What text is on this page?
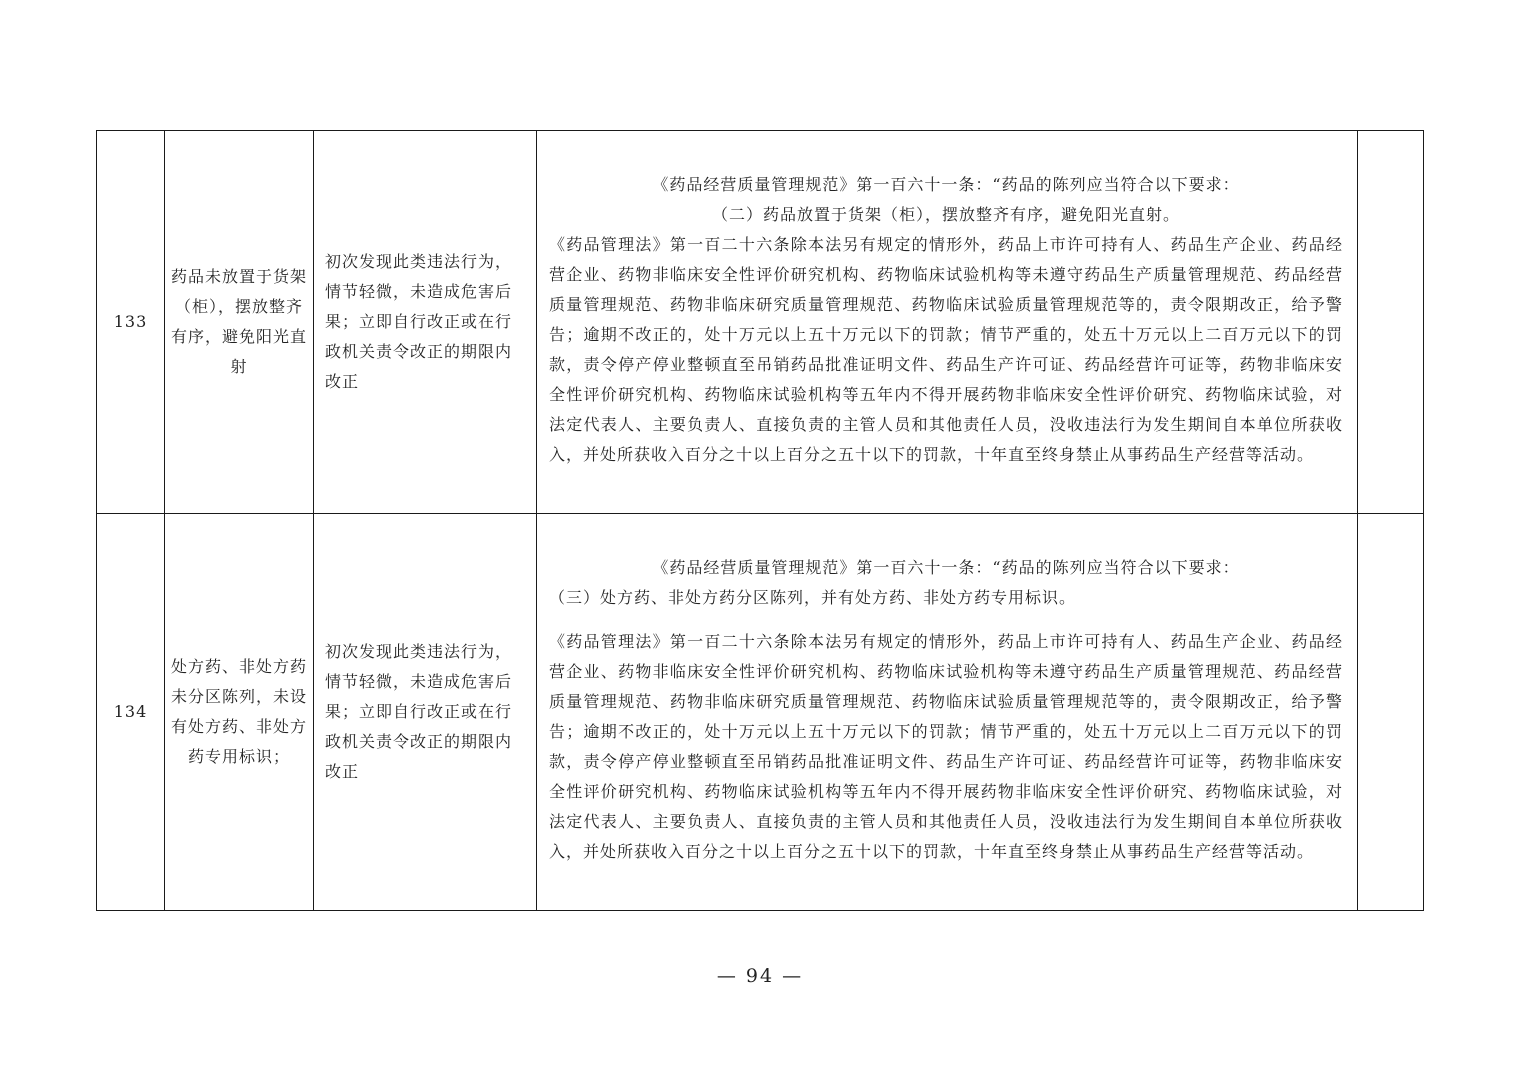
133	药品未放置于货架（柜），摆放整齐有序，避免阳光直射	初次发现此类违法行为，情节轻微，未造成危害后果；立即自行改正或在行政机关责令改正的期限内改正	《药品经营质量管理规范》第一百六十一条：“药品的陈列应当符合以下要求：

（二）药品放置于货架（柜），摆放整齐有序，避免阳光直射。

《药品管理法》第一百二十六条除本法另有规定的情形外，药品上市许可持有人、药品生产企业、药品经营企业、药物非临床安全性评价研究机构、药物临床试验机构等未遵守药品生产质量管理规范、药品经营质量管理规范、药物非临床研究质量管理规范、药物临床试验质量管理规范等的，责令限期改正，给予警告；逾期不改正的，处十万元以上五十万元以下的罚款；情节严重的，处五十万元以上二百万元以下的罚款，责令停产停业整顿直至吊销药品批准证明文件、药品生产许可证、药品经营许可证等，药物非临床安全性评价研究机构、药物临床试验机构等五年内不得开展药物非临床安全性评价研究、药物临床试验，对法定代表人、主要负责人、直接负责的主管人员和其他责任人员，没收违法行为发生期间自本单位所获收入，并处所获收入百分之十以上百分之五十以下的罚款，十年直至终身禁止从事药品生产经营等活动。	

134	处方药、非处方药未分区陈列，未设有处方药、非处方药专用标识；	初次发现此类违法行为，情节轻微，未造成危害后果；立即自行改正或在行政机关责令改正的期限内改正	《药品经营质量管理规范》第一百六十一条：“药品的陈列应当符合以下要求：

（三）处方药、非处方药分区陈列，并有处方药、非处方药专用标识。

《药品管理法》第一百二十六条除本法另有规定的情形外，药品上市许可持有人、药品生产企业、药品经营企业、药物非临床安全性评价研究机构、药物临床试验机构等未遵守药品生产质量管理规范、药品经营质量管理规范、药物非临床研究质量管理规范、药物临床试验质量管理规范等的，责令限期改正，给予警告；逾期不改正的，处十万元以上五十万元以下的罚款；情节严重的，处五十万元以上二百万元以下的罚款，责令停产停业整顿直至吊销药品批准证明文件、药品生产许可证、药品经营许可证等，药物非临床安全性评价研究机构、药物临床试验机构等五年内不得开展药物非临床安全性评价研究、药物临床试验，对法定代表人、主要负责人、直接负责的主管人员和其他责任人员，没收违法行为发生期间自本单位所获收入，并处所获收入百分之十以上百分之五十以下的罚款，十年直至终身禁止从事药品生产经营等活动。	

— 94 —
